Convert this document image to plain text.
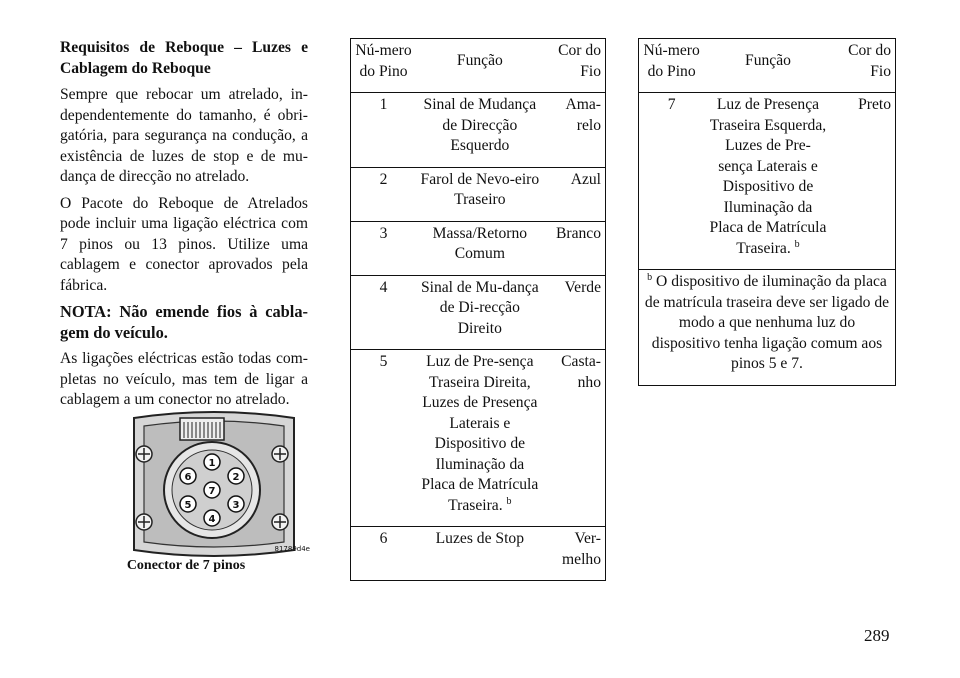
Requisitos de Reboque – Luzes e Cablagem do Reboque

Sempre que rebocar um atrelado, in-dependentemente do tamanho, é obri-gatória, para segurança na condução, a existência de luzes de stop e de mu-dança de direcção no atrelado.

O Pacote do Reboque de Atrelados pode incluir uma ligação eléctrica com 7 pinos ou 13 pinos. Utilize uma cablagem e conector aprovados pela fábrica.

NOTA: Não emende fios à cabla-gem do veículo.

As ligações eléctricas estão todas com-pletas no veículo, mas tem de ligar a cablagem a um conector no atrelado.

1
2
3
4
5
6
7
81789d4e
Conector de 7 pinos
Nú-mero do Pino	Função	Cor do Fio
1	Sinal de Mudança de Direcção Esquerdo	Ama-relo
2	Farol de Nevo-eiro Traseiro	Azul
3	Massa/Retorno Comum	Branco
4	Sinal de Mu-dança de Di-recção Direito	Verde
5	Luz de Pre-sença Traseira Direita, Luzes de Presença Laterais e Dispositivo de Iluminação da Placa de Matrícula Traseira. $^b$	Casta-nho
6	Luzes de Stop	Ver-melho
Nú-mero do Pino	Função	Cor do Fio
7	Luz de Presença Traseira Esquerda, Luzes de Pre-sença Laterais e Dispositivo de Iluminação da Placa de Matrícula Traseira. $^b$	Preto
$^b$ O dispositivo de iluminação da placa de matrícula traseira deve ser ligado de modo a que nenhuma luz do dispositivo tenha ligação comum aos pinos 5 e 7.		
289
